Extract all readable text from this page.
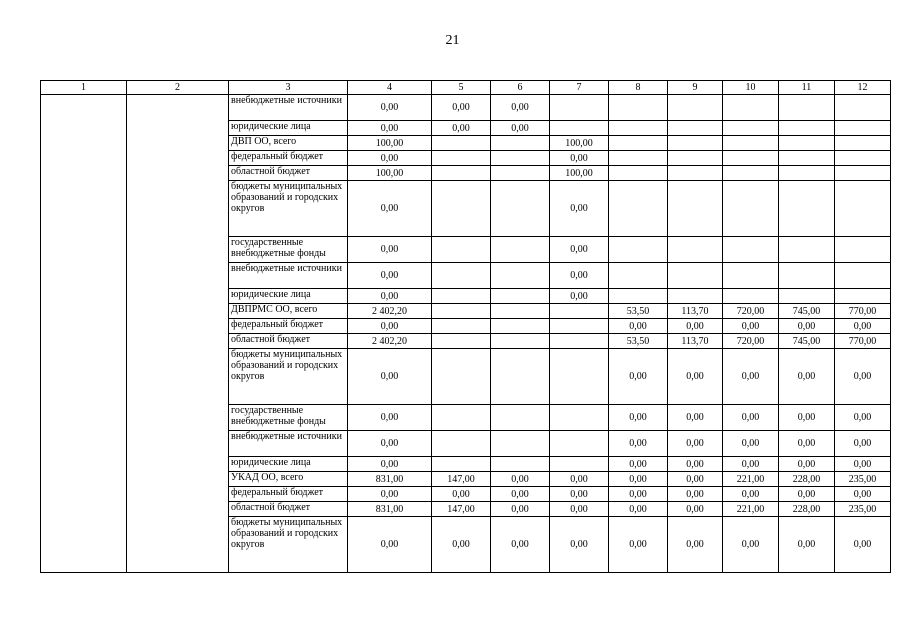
21
1	2	3	4	5	6	7	8	9	10	11	12
		внебюджетные источники	0,00	0,00	0,00						
		юридические лица	0,00	0,00	0,00						
		ДВП ОО, всего	100,00			100,00					
		федеральный бюджет	0,00			0,00					
		областной бюджет	100,00			100,00					
		бюджеты муниципальных образований и городских округов	0,00			0,00					
		государственные внебюджетные фонды	0,00			0,00					
		внебюджетные источники	0,00			0,00					
		юридические лица	0,00			0,00					
		ДВПРМС ОО, всего	2 402,20				53,50	113,70	720,00	745,00	770,00
		федеральный бюджет	0,00				0,00	0,00	0,00	0,00	0,00
		областной бюджет	2 402,20				53,50	113,70	720,00	745,00	770,00
		бюджеты муниципальных образований и городских округов	0,00				0,00	0,00	0,00	0,00	0,00
		государственные внебюджетные фонды	0,00				0,00	0,00	0,00	0,00	0,00
		внебюджетные источники	0,00				0,00	0,00	0,00	0,00	0,00
		юридические лица	0,00				0,00	0,00	0,00	0,00	0,00
		УКАД ОО, всего	831,00	147,00	0,00	0,00	0,00	0,00	221,00	228,00	235,00
		федеральный бюджет	0,00	0,00	0,00	0,00	0,00	0,00	0,00	0,00	0,00
		областной бюджет	831,00	147,00	0,00	0,00	0,00	0,00	221,00	228,00	235,00
		бюджеты муниципальных образований и городских округов	0,00	0,00	0,00	0,00	0,00	0,00	0,00	0,00	0,00
